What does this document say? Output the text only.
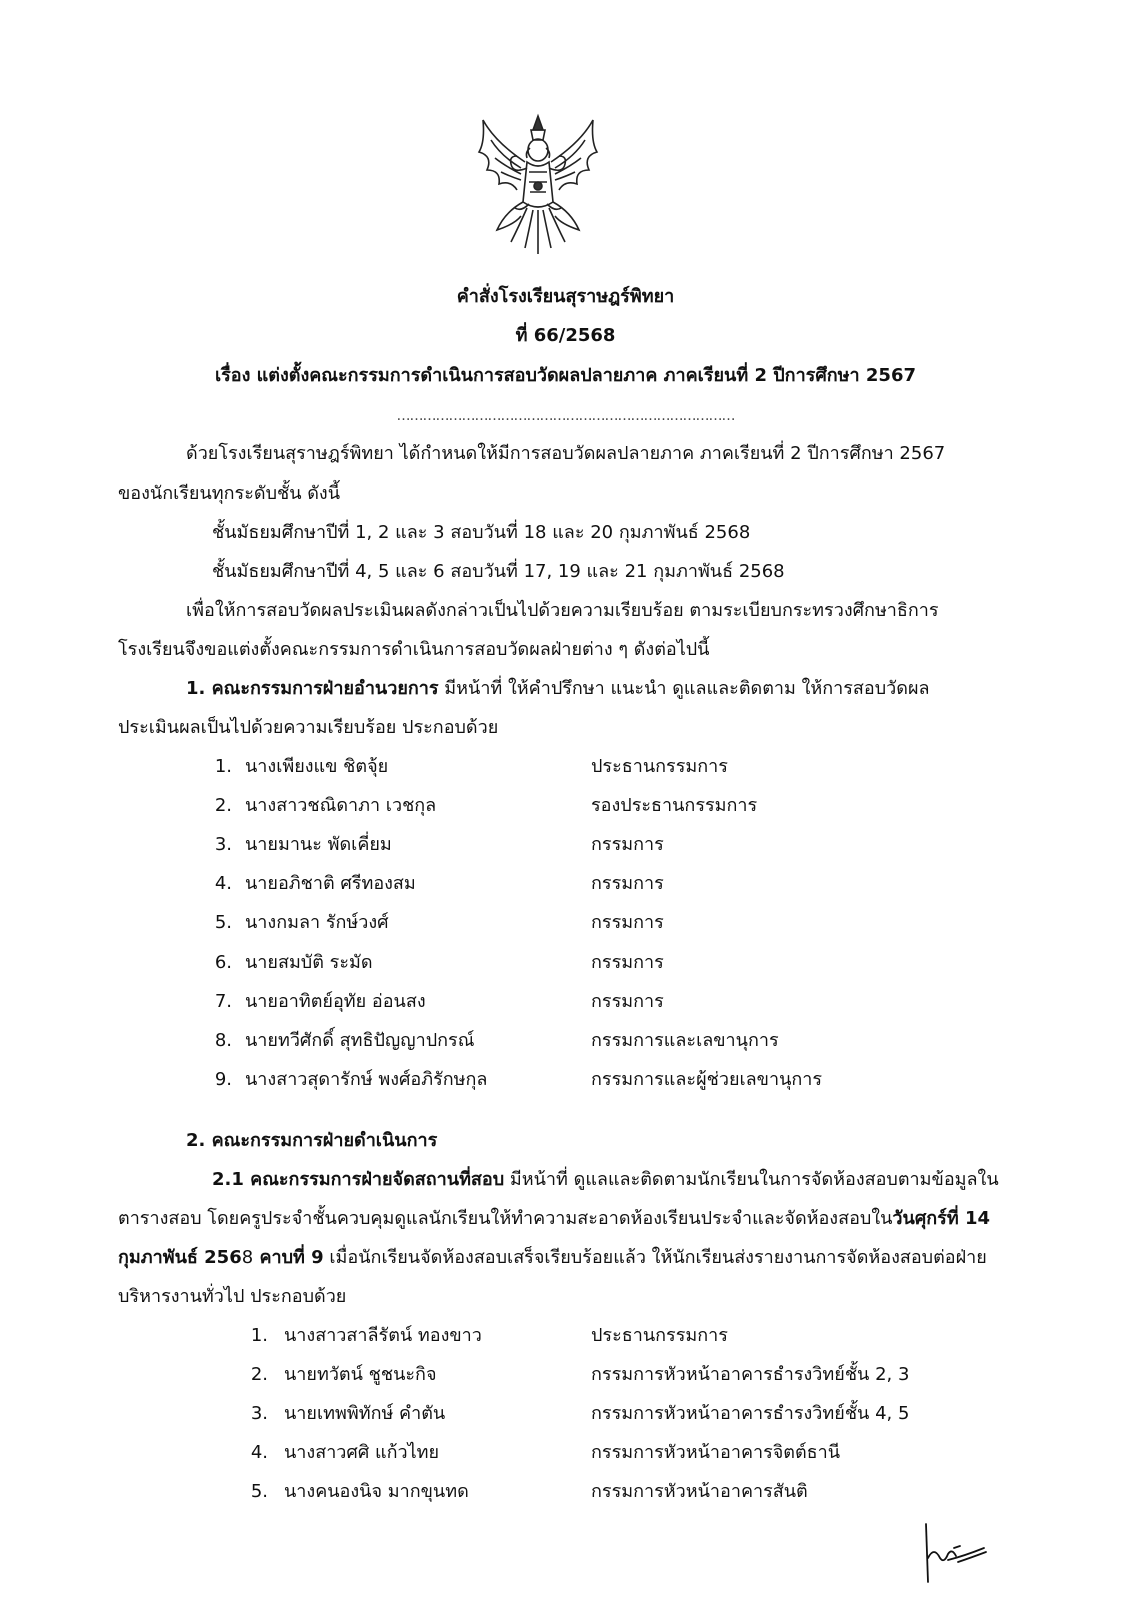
คำสั่งโรงเรียนสุราษฎร์พิทยา
ที่ 66/2568
เรื่อง แต่งตั้งคณะกรรมการดำเนินการสอบวัดผลปลายภาค ภาคเรียนที่ 2 ปีการศึกษา 2567
……………………………………………………………………
ด้วยโรงเรียนสุราษฎร์พิทยา ได้กำหนดให้มีการสอบวัดผลปลายภาค ภาคเรียนที่ 2 ปีการศึกษา 2567
ของนักเรียนทุกระดับชั้น ดังนี้
ชั้นมัธยมศึกษาปีที่ 1, 2 และ 3 สอบวันที่ 18 และ 20 กุมภาพันธ์ 2568
ชั้นมัธยมศึกษาปีที่ 4, 5 และ 6 สอบวันที่ 17, 19 และ 21 กุมภาพันธ์ 2568
เพื่อให้การสอบวัดผลประเมินผลดังกล่าวเป็นไปด้วยความเรียบร้อย ตามระเบียบกระทรวงศึกษาธิการ
โรงเรียนจึงขอแต่งตั้งคณะกรรมการดำเนินการสอบวัดผลฝ่ายต่าง ๆ ดังต่อไปนี้
1. คณะกรรมการฝ่ายอำนวยการ มีหน้าที่ ให้คำปรึกษา แนะนำ ดูแลและติดตาม ให้การสอบวัดผล
ประเมินผลเป็นไปด้วยความเรียบร้อย ประกอบด้วย
1. นางเพียงแข ชิตจุ้ย	ประธานกรรมการ
2. นางสาวชณิดาภา เวชกุล	รองประธานกรรมการ
3. นายมานะ พัดเคี่ยม	กรรมการ
4. นายอภิชาติ ศรีทองสม	กรรมการ
5. นางกมลา รักษ์วงศ์	กรรมการ
6. นายสมบัติ ระมัด	กรรมการ
7. นายอาทิตย์อุทัย อ่อนสง	กรรมการ
8. นายทวีศักดิ์ สุทธิปัญญาปกรณ์	กรรมการและเลขานุการ
9. นางสาวสุดารักษ์ พงศ์อภิรักษกุล	กรรมการและผู้ช่วยเลขานุการ
2. คณะกรรมการฝ่ายดำเนินการ
2.1 คณะกรรมการฝ่ายจัดสถานที่สอบ มีหน้าที่ ดูแลและติดตามนักเรียนในการจัดห้องสอบตามข้อมูลใน
ตารางสอบ โดยครูประจำชั้นควบคุมดูแลนักเรียนให้ทำความสะอาดห้องเรียนประจำและจัดห้องสอบในวันศุกร์ที่ 14
กุมภาพันธ์ 2568 คาบที่ 9 เมื่อนักเรียนจัดห้องสอบเสร็จเรียบร้อยแล้ว ให้นักเรียนส่งรายงานการจัดห้องสอบต่อฝ่าย
บริหารงานทั่วไป ประกอบด้วย
1. นางสาวสาลีรัตน์ ทองขาว	ประธานกรรมการ
2. นายทวัตน์ ชูชนะกิจ	กรรมการหัวหน้าอาคารธำรงวิทย์ชั้น 2, 3
3. นายเทพพิทักษ์ คำตัน	กรรมการหัวหน้าอาคารธำรงวิทย์ชั้น 4, 5
4. นางสาวศศิ แก้วไทย	กรรมการหัวหน้าอาคารจิตต์ธานี
5. นางคนองนิจ มากขุนทด	กรรมการหัวหน้าอาคารสันติ
